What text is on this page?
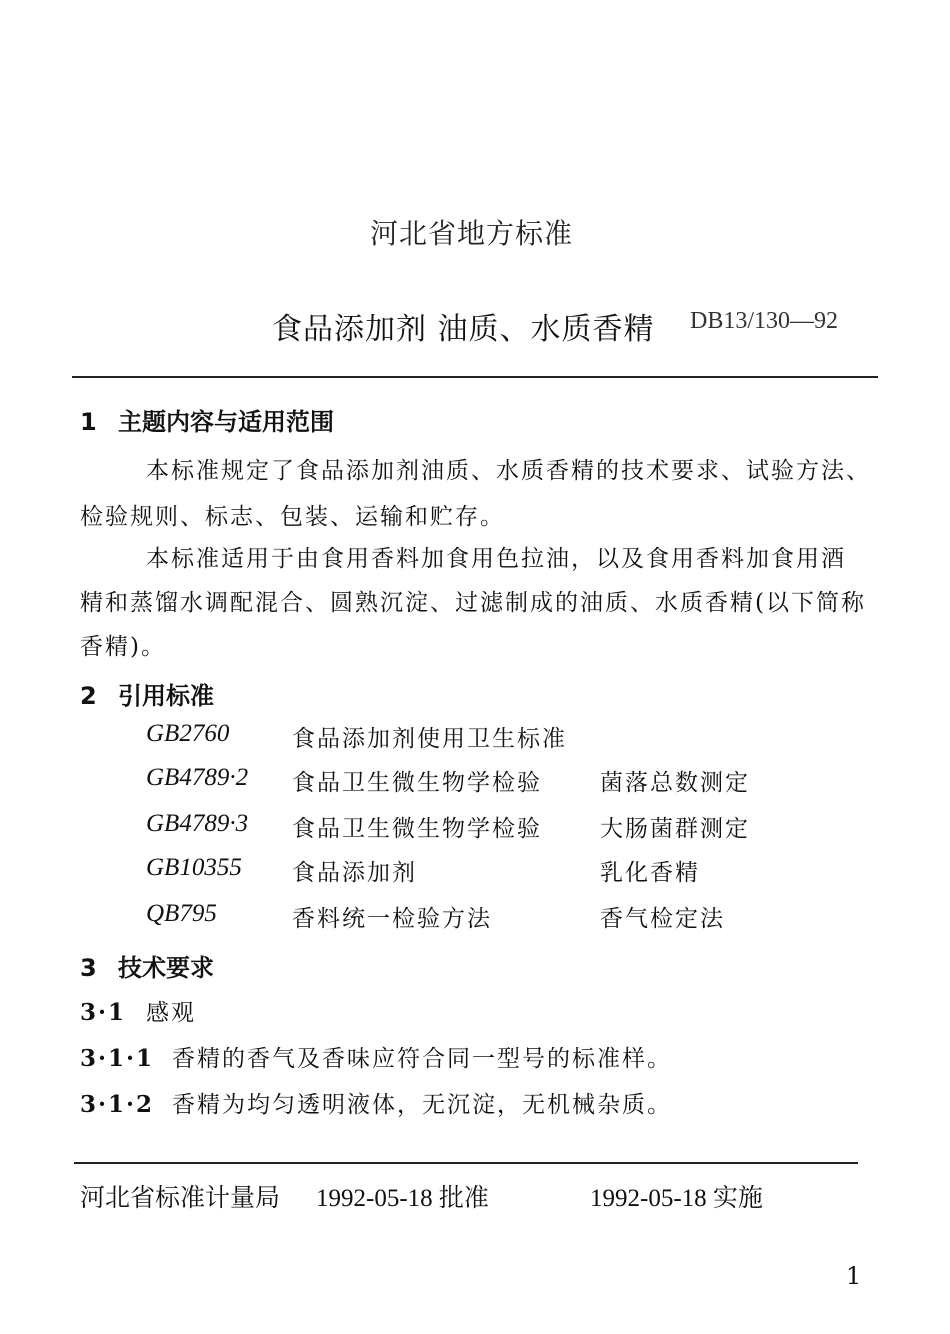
河北省地方标准
食品添加剂 油质、水质香精 DB13/130—92
1 主题内容与适用范围
本标准规定了食品添加剂油质、水质香精的技术要求、试验方法、
检验规则、标志、包装、运输和贮存。
本标准适用于由食用香料加食用色拉油，以及食用香料加食用酒
精和蒸馏水调配混合、圆熟沉淀、过滤制成的油质、水质香精(以下简称
香精)。
2 引用标准
GB2760	食品添加剂使用卫生标准
GB4789·2 食品卫生微生物学检验	菌落总数测定
GB4789·3 食品卫生微生物学检验	大肠菌群测定
GB10355 食品添加剂	乳化香精
QB795	香料统一检验方法	香气检定法
3 技术要求
3·1 感观
3·1·1 香精的香气及香味应符合同一型号的标准样。
3·1·2 香精为均匀透明液体，无沉淀，无机械杂质。
河北省标准计量局 1992-05-18 批准	1992-05-18 实施
1
